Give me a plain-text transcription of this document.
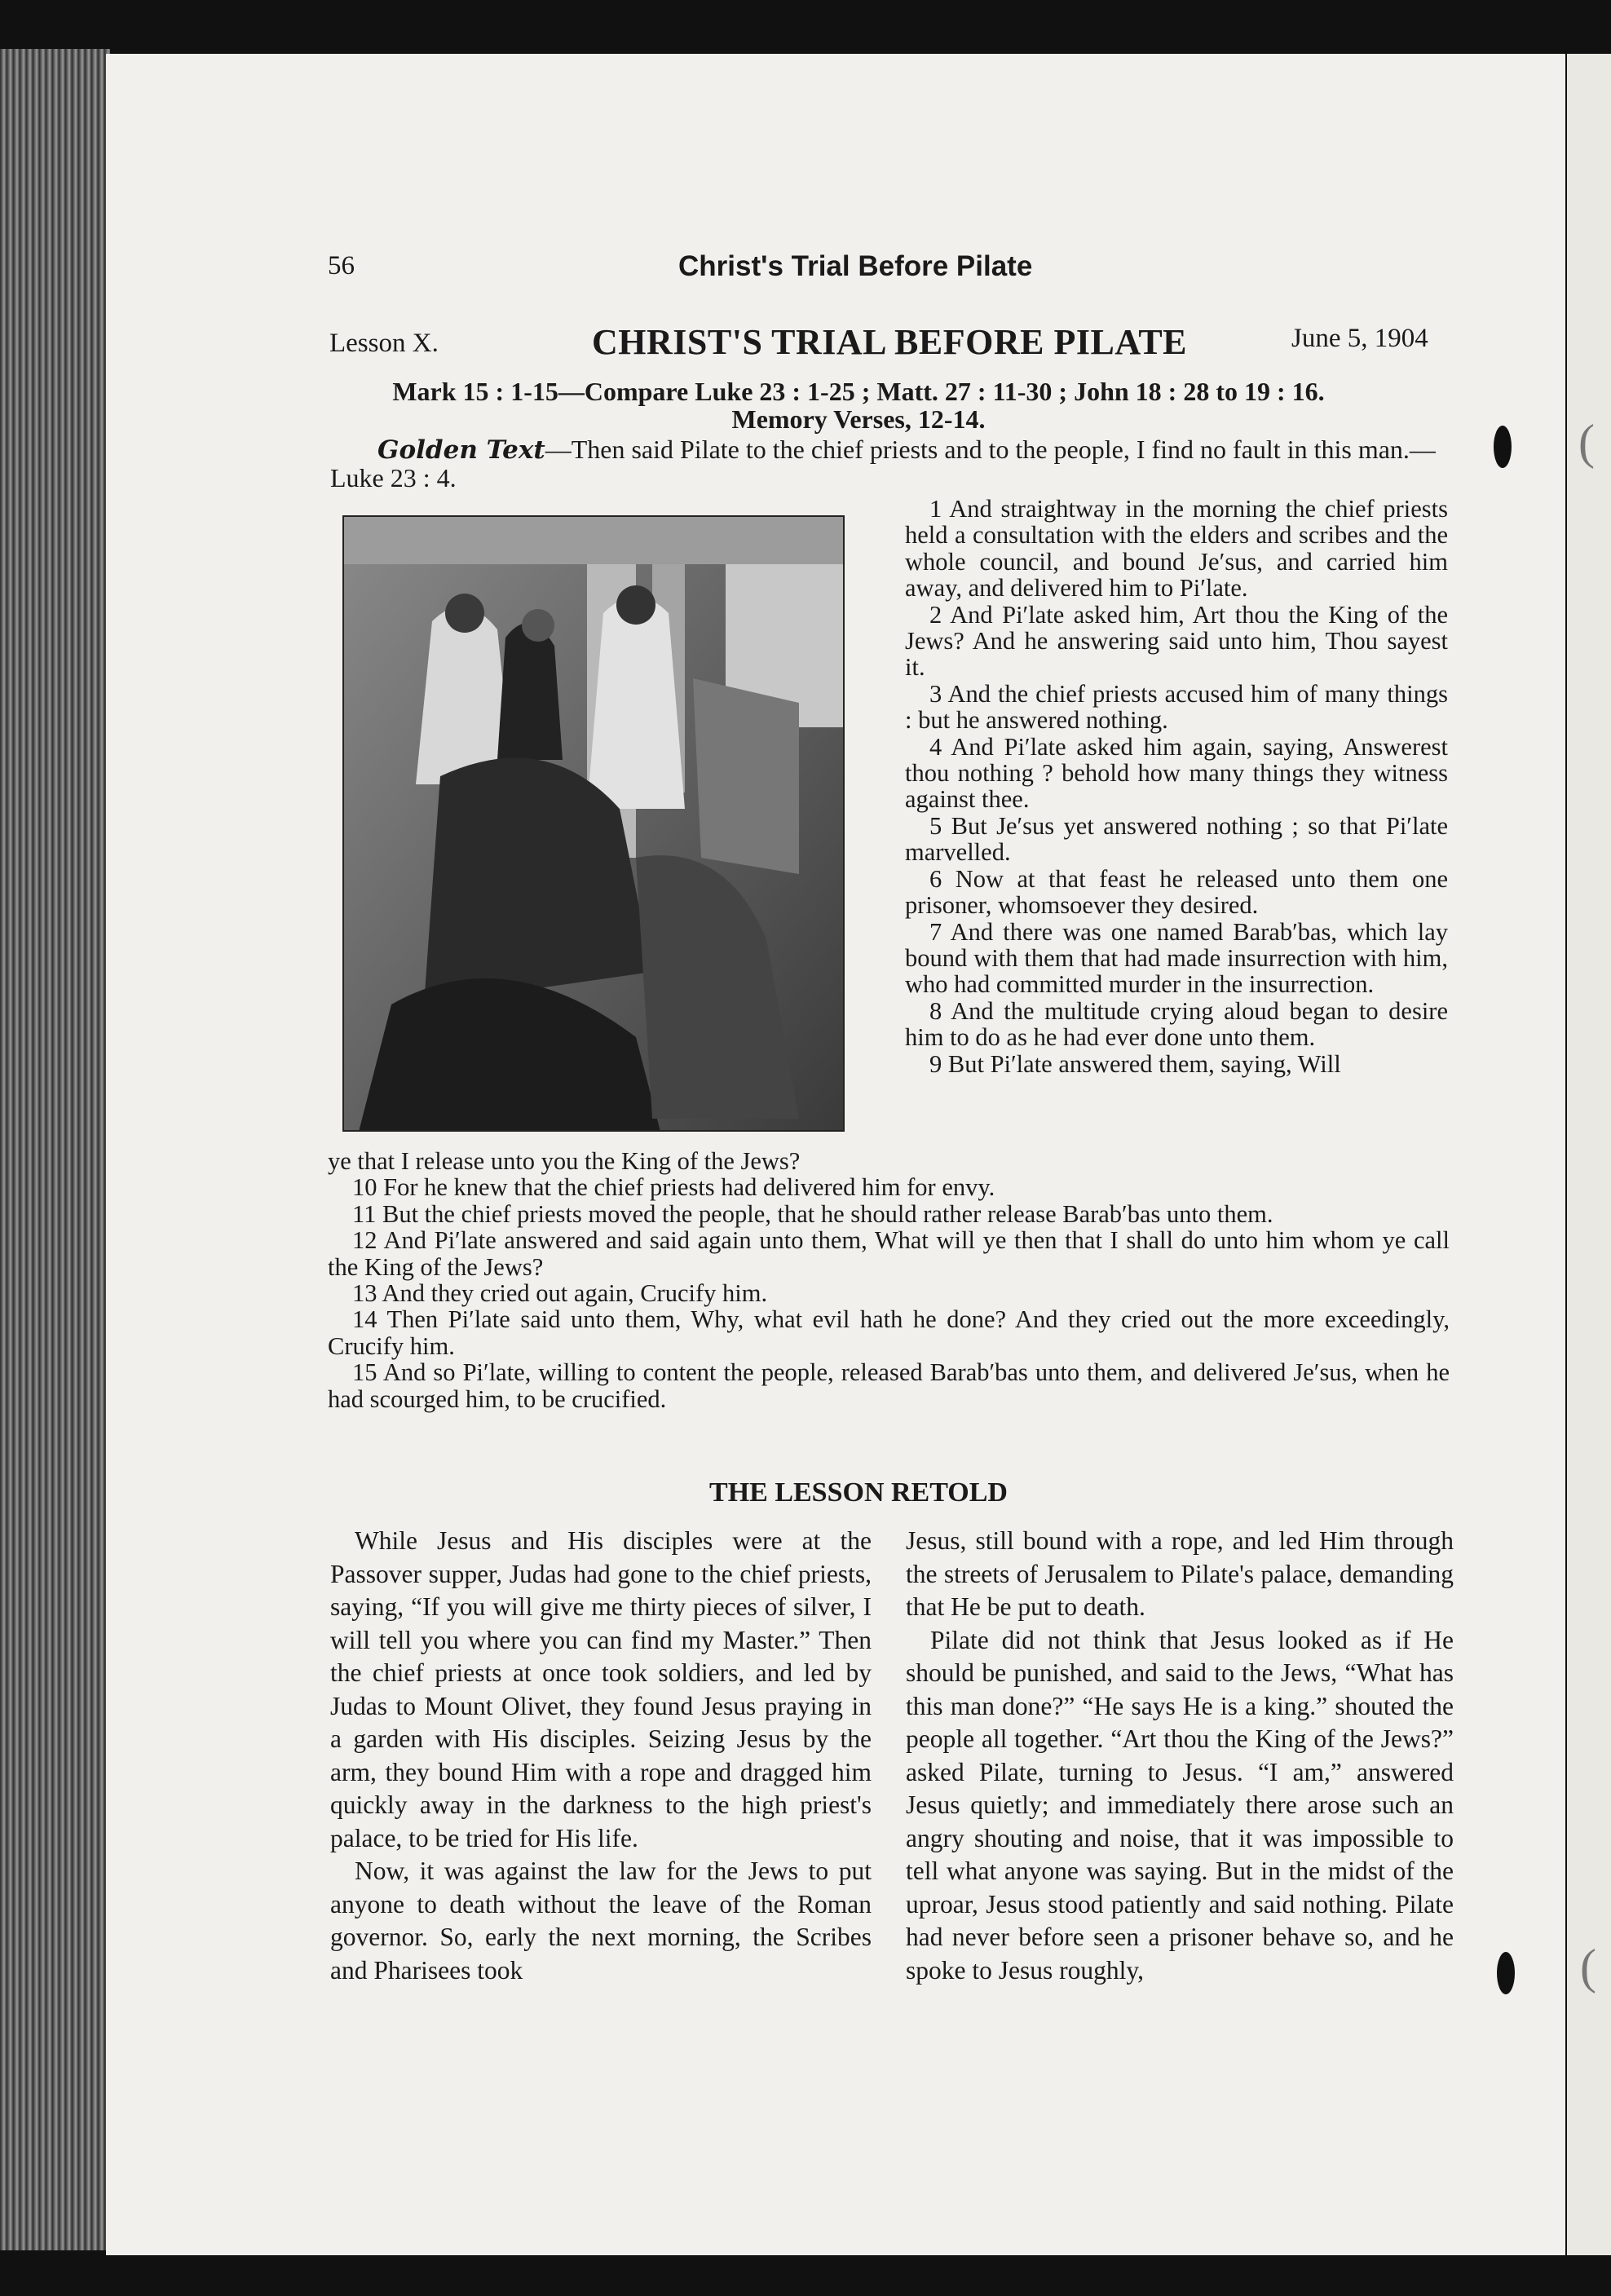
(
(
56	Christ's Trial Before Pilate
Lesson X.	CHRIST'S TRIAL BEFORE PILATE	June 5, 1904
Mark 15 : 1-15—Compare Luke 23 : 1-25 ; Matt. 27 : 11-30 ; John 18 : 28 to 19 : 16.
Memory Verses, 12-14.
Golden Text—Then said Pilate to the chief priests and to the people, I find no fault in this man.—Luke 23 : 4.

1 And straightway in the morning the chief priests held a consultation with the elders and scribes and the whole council, and bound Je′sus, and carried him away, and delivered him to Pi′late.

2 And Pi′late asked him, Art thou the King of the Jews? And he answering said unto him, Thou sayest it.

3 And the chief priests accused him of many things : but he answered nothing.

4 And Pi′late asked him again, saying, Answerest thou nothing ? behold how many things they witness against thee.

5 But Je′sus yet answered nothing ; so that Pi′late marvelled.

6 Now at that feast he released unto them one prisoner, whomsoever they desired.

7 And there was one named Barab′bas, which lay bound with them that had made insurrection with him, who had committed murder in the insurrection.

8 And the multitude crying aloud began to desire him to do as he had ever done unto them.

9 But Pi′late answered them, saying, Will

ye that I release unto you the King of the Jews?

10 For he knew that the chief priests had delivered him for envy.

11 But the chief priests moved the people, that he should rather release Barab′bas unto them.

12 And Pi′late answered and said again unto them, What will ye then that I shall do unto him whom ye call the King of the Jews?

13 And they cried out again, Crucify him.

14 Then Pi′late said unto them, Why, what evil hath he done? And they cried out the more exceedingly, Crucify him.

15 And so Pi′late, willing to content the people, released Barab′bas unto them, and delivered Je′sus, when he had scourged him, to be crucified.

THE LESSON RETOLD

While Jesus and His disciples were at the Passover supper, Judas had gone to the chief priests, saying, “If you will give me thirty pieces of silver, I will tell you where you can find my Master.” Then the chief priests at once took soldiers, and led by Judas to Mount Olivet, they found Jesus praying in a garden with His disciples. Seizing Jesus by the arm, they bound Him with a rope and dragged him quickly away in the darkness to the high priest's palace, to be tried for His life.

Now, it was against the law for the Jews to put anyone to death without the leave of the Roman governor. So, early the next morning, the Scribes and Pharisees took

Jesus, still bound with a rope, and led Him through the streets of Jerusalem to Pilate's palace, demanding that He be put to death.

Pilate did not think that Jesus looked as if He should be punished, and said to the Jews, “What has this man done?” “He says He is a king.” shouted the people all together. “Art thou the King of the Jews?” asked Pilate, turning to Jesus. “I am,” answered Jesus quietly; and immediately there arose such an angry shouting and noise, that it was impossible to tell what anyone was saying. But in the midst of the uproar, Jesus stood patiently and said nothing. Pilate had never before seen a prisoner behave so, and he spoke to Jesus roughly,
